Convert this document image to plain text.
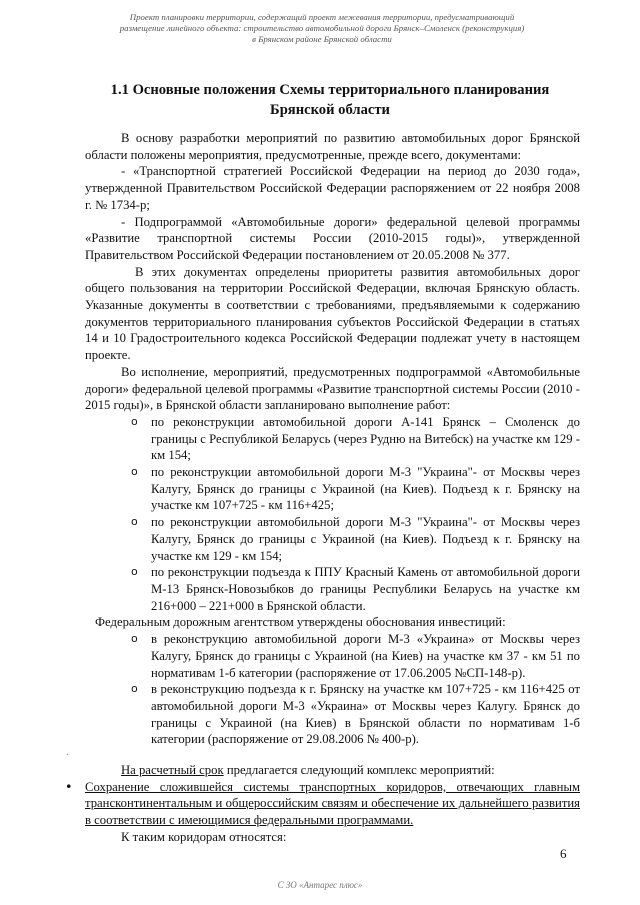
Проект планировки территории, содержащий проект межевания территории, предусматривающий
размещение линейного объекта: строительство автомобильной дороги Брянск–Смоленск (реконструкция)
в Брянском районе Брянской области
1.1 Основные положения Схемы территориального планирования
Брянской области

В основу разработки мероприятий по развитию автомобильных дорог Брянской области положены мероприятия, предусмотренные, прежде всего, документами:

- «Транспортной стратегией Российской Федерации на период до 2030 года», утвержденной Правительством Российской Федерации распоряжением от 22 ноября 2008 г. № 1734-р;

- Подпрограммой «Автомобильные дороги» федеральной целевой программы «Развитие транспортной системы России (2010-2015 годы)», утвержденной Правительством Российской Федерации постановлением от 20.05.2008 № 377.

В этих документах определены приоритеты развития автомобильных дорог общего пользования на территории Российской Федерации, включая Брянскую область. Указанные документы в соответствии с требованиями, предъявляемыми к содержанию документов территориального планирования субъектов Российской Федерации в статьях 14 и 10 Градостроительного кодекса Российской Федерации подлежат учету в настоящем проекте.

Во исполнение, мероприятий, предусмотренных подпрограммой «Автомобильные дороги» федеральной целевой программы «Развитие транспортной системы России (2010 - 2015 годы)», в Брянской области запланировано выполнение работ:

o по реконструкции автомобильной дороги А-141 Брянск – Смоленск до границы с Республикой Беларусь (через Рудню на Витебск) на участке км 129 - км 154;
o по реконструкции автомобильной дороги М-3 "Украина"- от Москвы через Калугу, Брянск до границы с Украиной (на Киев). Подъезд к г. Брянску на участке км 107+725 - км 116+425;
o по реконструкции автомобильной дороги М-3 "Украина"- от Москвы через Калугу, Брянск до границы с Украиной (на Киев). Подъезд к г. Брянску на участке км 129 - км 154;
o по реконструкции подъезда к ППУ Красный Камень от автомобильной дороги М-13 Брянск-Новозыбков до границы Республики Беларусь на участке км 216+000 – 221+000 в Брянской области.

Федеральным дорожным агентством утверждены обоснования инвестиций:

o в реконструкцию автомобильной дороги М-3 «Украина» от Москвы через Калугу, Брянск до границы с Украиной (на Киев) на участке км 37 - км 51 по нормативам 1-б категории (распоряжение от 17.06.2005 №СП-148-р).
o в реконструкцию подъезда к г. Брянску на участке км 107+725 - км 116+425 от автомобильной дороги М-3 «Украина» от Москвы через Калугу. Брянск до границы с Украиной (на Киев) в Брянской области по нормативам 1-б категории (распоряжение от 29.08.2006 № 400-р).

На расчетный срок предлагается следующий комплекс мероприятий:

• Сохранение сложившейся системы транспортных коридоров, отвечающих главным трансконтинентальным и общероссийским связям и обеспечение их дальнейшего развития в соответствии с имеющимися федеральными программами.

К таким коридорам относятся:

.
6
С ЗО «Антарес плюс»
